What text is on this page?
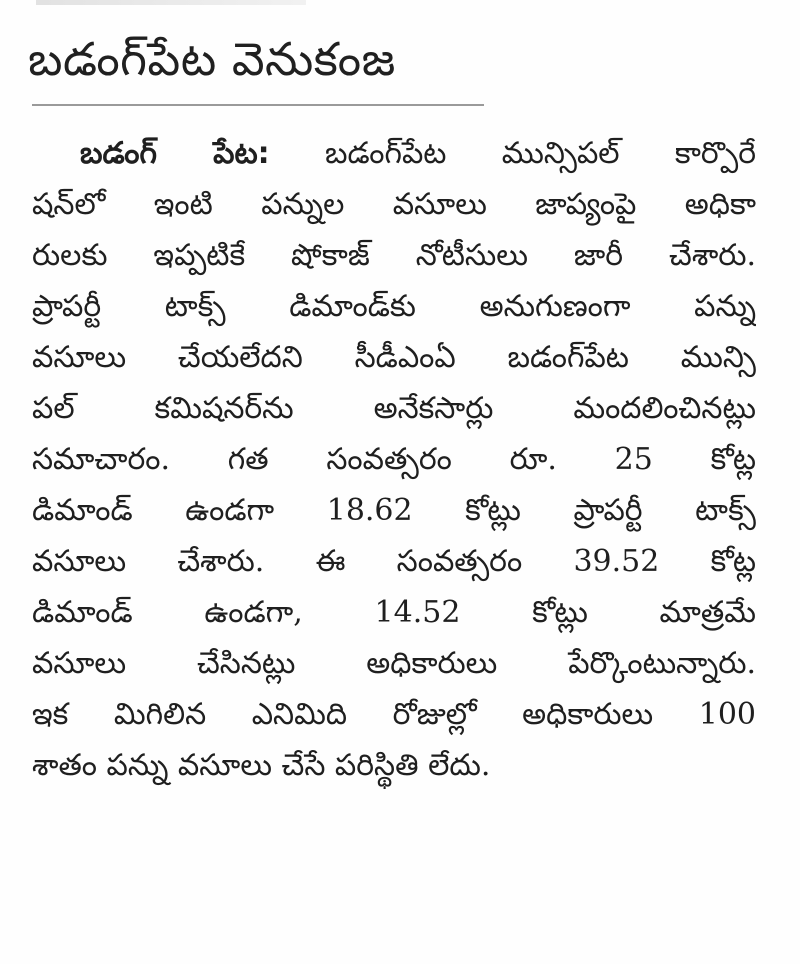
బడంగ్‌పేట వెనుకంజ
బడంగ్ పేట: బడంగ్‌పేట మున్సిపల్ కార్పొరే
షన్‌లో ఇంటి పన్నుల వసూలు జాప్యంపై అధికా
రులకు ఇప్పటికే షోకాజ్ నోటీసులు జారీ చేశారు.
ప్రాపర్టీ టాక్స్ డిమాండ్‌కు అనుగుణంగా పన్ను
వసూలు చేయలేదని సీడీఎంఏ బడంగ్‌పేట మున్సి
పల్ కమిషనర్‌ను అనేకసార్లు మందలించినట్లు
సమాచారం. గత సంవత్సరం రూ. 25 కోట్ల
డిమాండ్ ఉండగా 18.62 కోట్లు ప్రాపర్టీ టాక్స్
వసూలు చేశారు. ఈ సంవత్సరం 39.52 కోట్ల
డిమాండ్ ఉండగా, 14.52 కోట్లు మాత్రమే
వసూలు చేసినట్లు అధికారులు పేర్కొంటున్నారు.
ఇక మిగిలిన ఎనిమిది రోజుల్లో అధికారులు 100
శాతం పన్ను వసూలు చేసే పరిస్థితి లేదు.
